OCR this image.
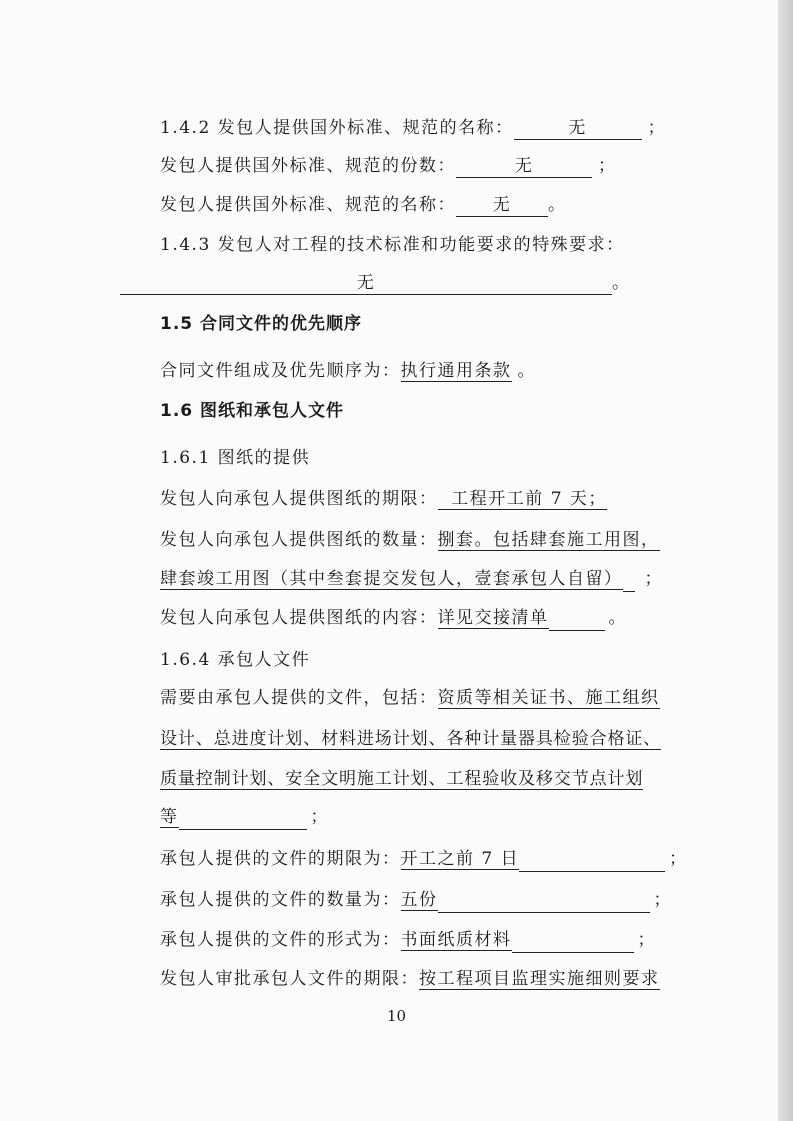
1.4.2 发包人提供国外标准、规范的名称：	无	；
发包人提供国外标准、规范的份数：	无	；
发包人提供国外标准、规范的名称： 无 。
1.4.3 发包人对工程的技术标准和功能要求的特殊要求：
无	。
1.5 合同文件的优先顺序
合同文件组成及优先顺序为：执行通用条款 。
1.6 图纸和承包人文件
1.6.1 图纸的提供
发包人向承包人提供图纸的期限：  工程开工前 7 天；
发包人向承包人提供图纸的数量：捌套。包括肆套施工用图，
肆套竣工用图（其中叁套提交发包人，壹套承包人自留） ；
发包人向承包人提供图纸的内容：详见交接清单	。
1.6.4 承包人文件
需要由承包人提供的文件，包括：资质等相关证书、施工组织
设计、总进度计划、材料进场计划、各种计量器具检验合格证、
质量控制计划、安全文明施工计划、工程验收及移交节点计划
等	；
承包人提供的文件的期限为：开工之前 7 日	；
承包人提供的文件的数量为：五份	；
承包人提供的文件的形式为：书面纸质材料	；
发包人审批承包人文件的期限：按工程项目监理实施细则要求
10
